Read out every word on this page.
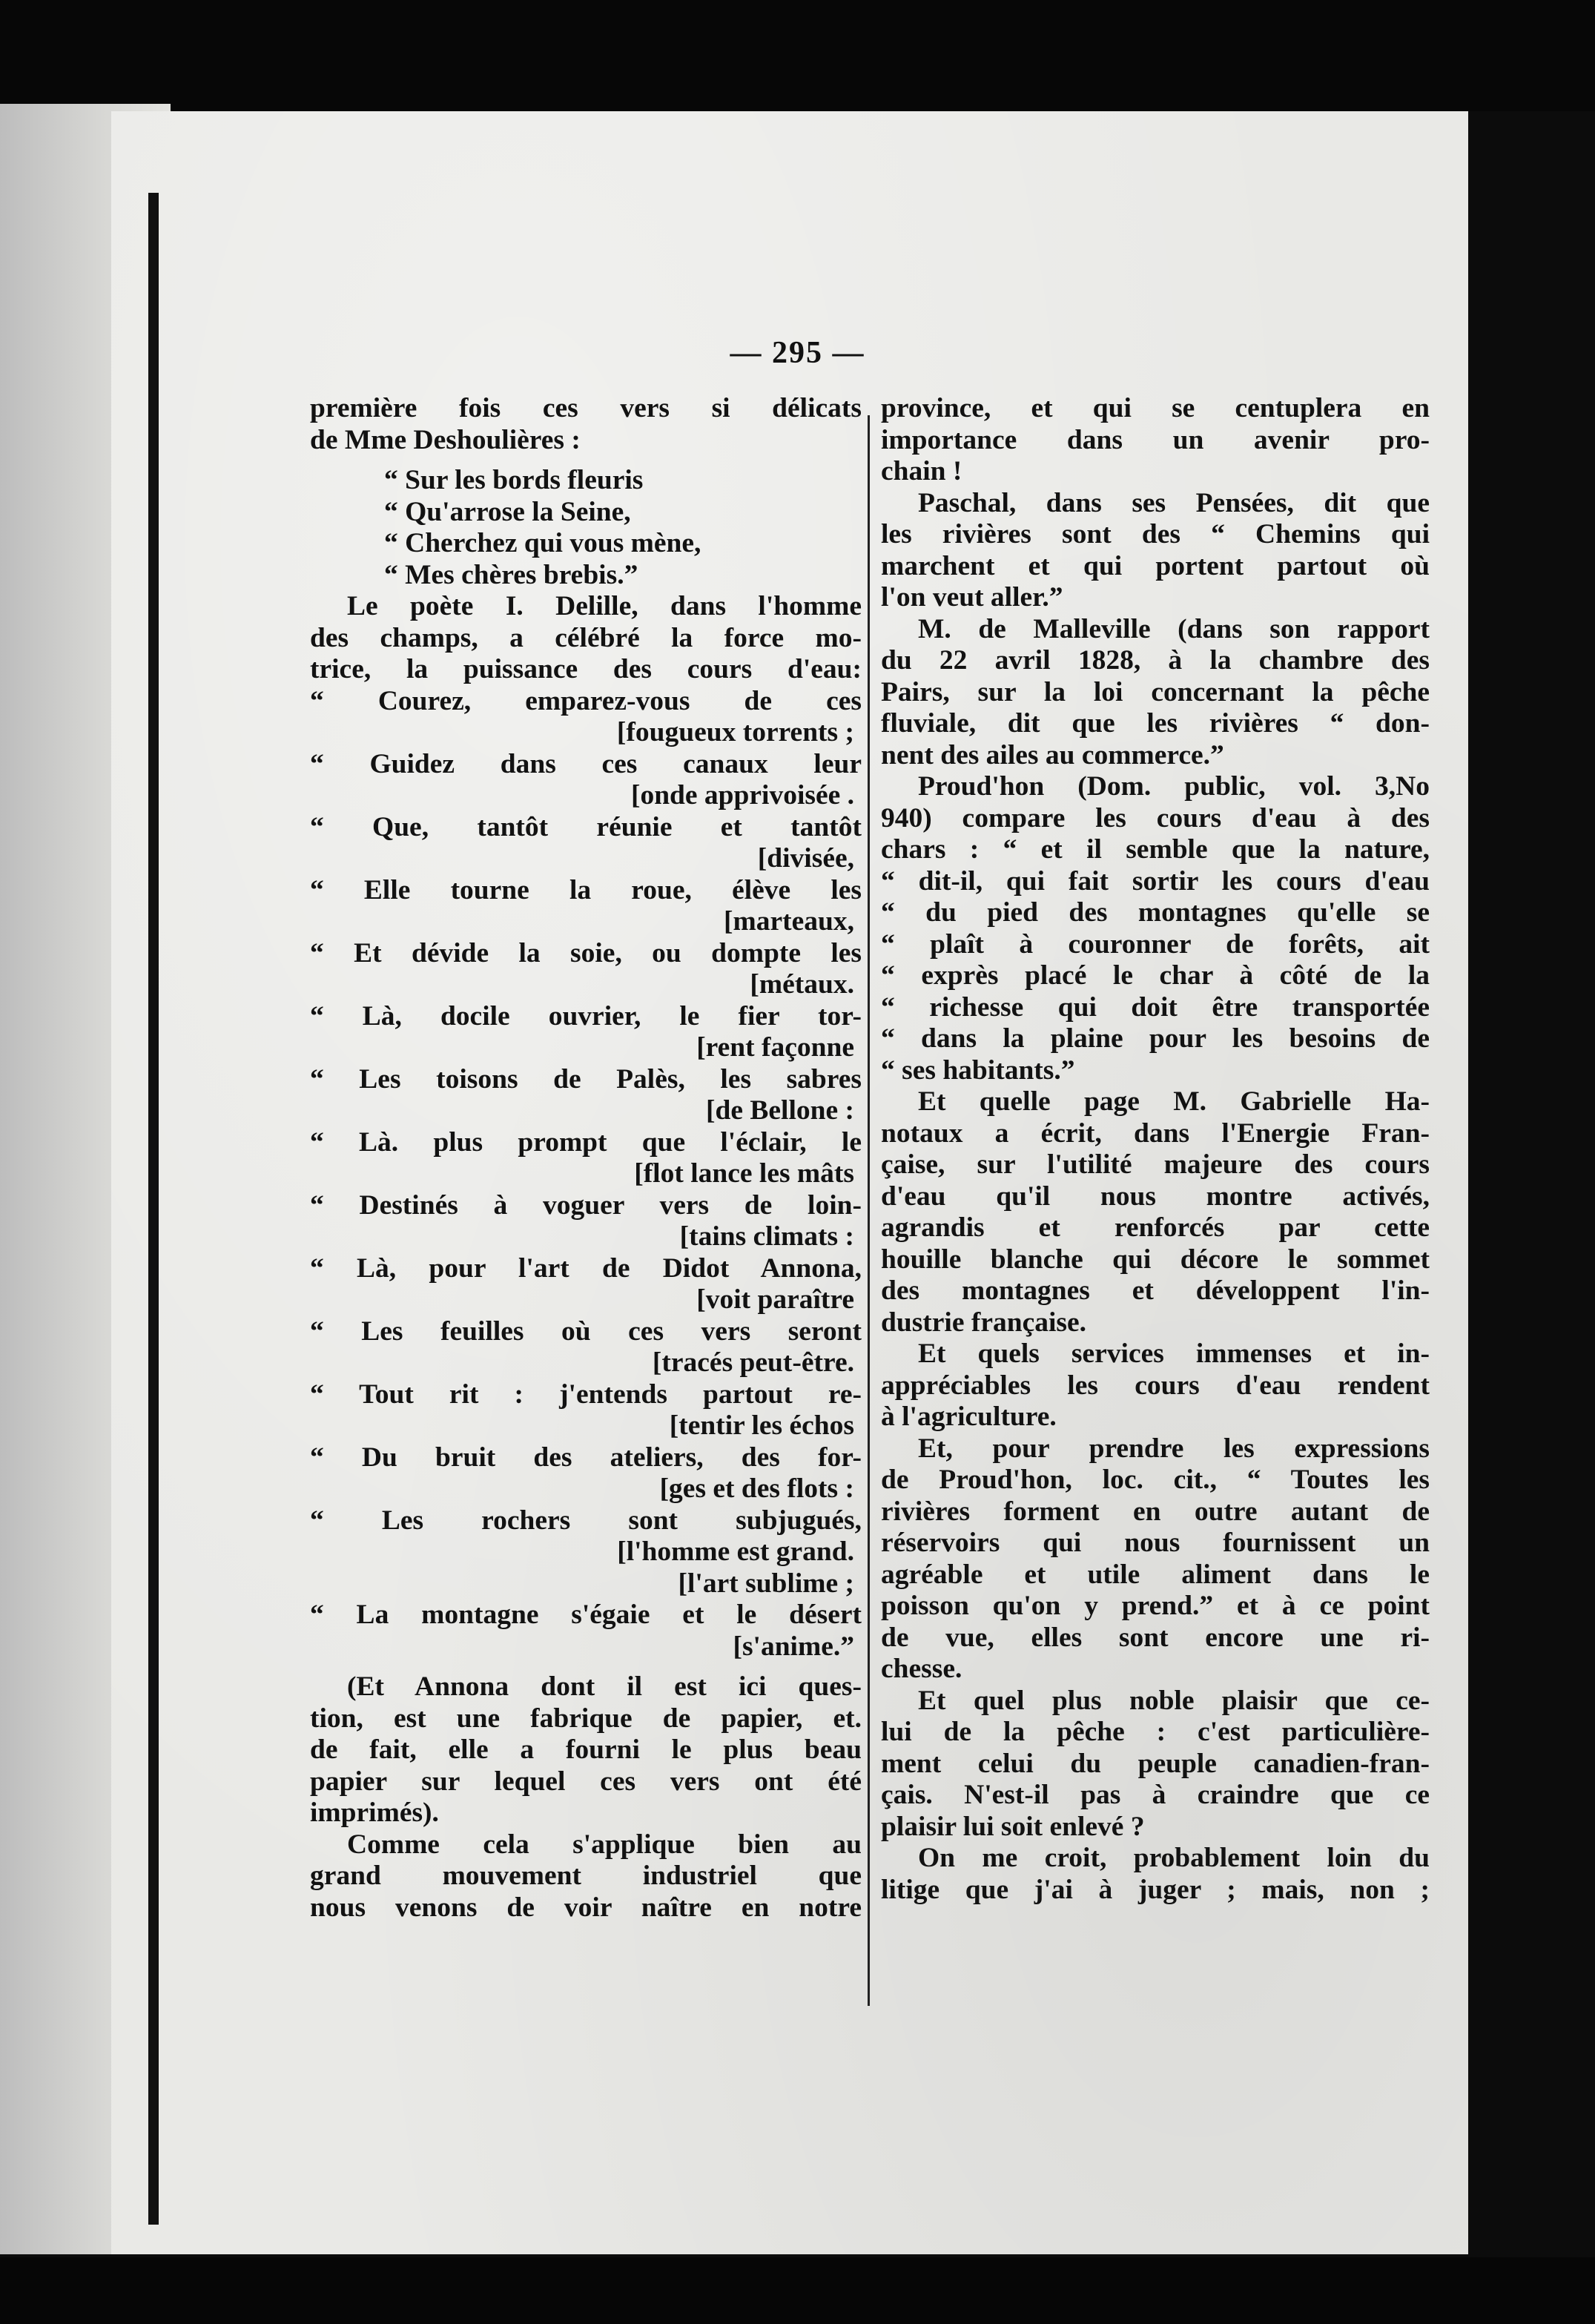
— 295 —
première fois ces vers si délicats
de Mme Deshoulières :
“ Sur les bords fleuris
“ Qu'arrose la Seine,
“ Cherchez qui vous mène,
“ Mes chères brebis.”
Le poète I. Delille, dans l'homme
des champs, a célébré la force mo-
trice, la puissance des cours d'eau:
“ Courez, emparez-vous de ces
[fougueux torrents ;
“ Guidez dans ces canaux leur
[onde apprivoisée .
“ Que, tantôt réunie et tantôt
[divisée,
“ Elle tourne la roue, élève les
[marteaux,
“ Et dévide la soie, ou dompte les
[métaux.
“ Là, docile ouvrier, le fier tor-
[rent façonne
“ Les toisons de Palès, les sabres
[de Bellone :
“ Là. plus prompt que l'éclair, le
[flot lance les mâts
“ Destinés à voguer vers de loin-
[tains climats :
“ Là, pour l'art de Didot Annona,
[voit paraître
“ Les feuilles où ces vers seront
[tracés peut-être.
“ Tout rit : j'entends partout re-
[tentir les échos
“ Du bruit des ateliers, des for-
[ges et des flots :
“ Les rochers sont subjugués,
[l'homme est grand.
[l'art sublime ;
“ La montagne s'égaie et le désert
[s'anime.”
(Et Annona dont il est ici ques-
tion, est une fabrique de papier, et.
de fait, elle a fourni le plus beau
papier sur lequel ces vers ont été
imprimés).
Comme cela s'applique bien au
grand mouvement industriel que
nous venons de voir naître en notre
province, et qui se centuplera en
importance dans un avenir pro-
chain !
Paschal, dans ses Pensées, dit que
les rivières sont des “ Chemins qui
marchent et qui portent partout où
l'on veut aller.”
M. de Malleville (dans son rapport
du 22 avril 1828, à la chambre des
Pairs, sur la loi concernant la pêche
fluviale, dit que les rivières “ don-
nent des ailes au commerce.”
Proud'hon (Dom. public, vol. 3,No
940) compare les cours d'eau à des
chars : “ et il semble que la nature,
“ dit-il, qui fait sortir les cours d'eau
“ du pied des montagnes qu'elle se
“ plaît à couronner de forêts, ait
“ exprès placé le char à côté de la
“ richesse qui doit être transportée
“ dans la plaine pour les besoins de
“ ses habitants.”
Et quelle page M. Gabrielle Ha-
notaux a écrit, dans l'Energie Fran-
çaise, sur l'utilité majeure des cours
d'eau qu'il nous montre activés,
agrandis et renforcés par cette
houille blanche qui décore le sommet
des montagnes et développent l'in-
dustrie française.
Et quels services immenses et in-
appréciables les cours d'eau rendent
à l'agriculture.
Et, pour prendre les expressions
de Proud'hon, loc. cit., “ Toutes les
rivières forment en outre autant de
réservoirs qui nous fournissent un
agréable et utile aliment dans le
poisson qu'on y prend.” et à ce point
de vue, elles sont encore une ri-
chesse.
Et quel plus noble plaisir que ce-
lui de la pêche : c'est particulière-
ment celui du peuple canadien-fran-
çais. N'est-il pas à craindre que ce
plaisir lui soit enlevé ?
On me croit, probablement loin du
litige que j'ai à juger ; mais, non ;
